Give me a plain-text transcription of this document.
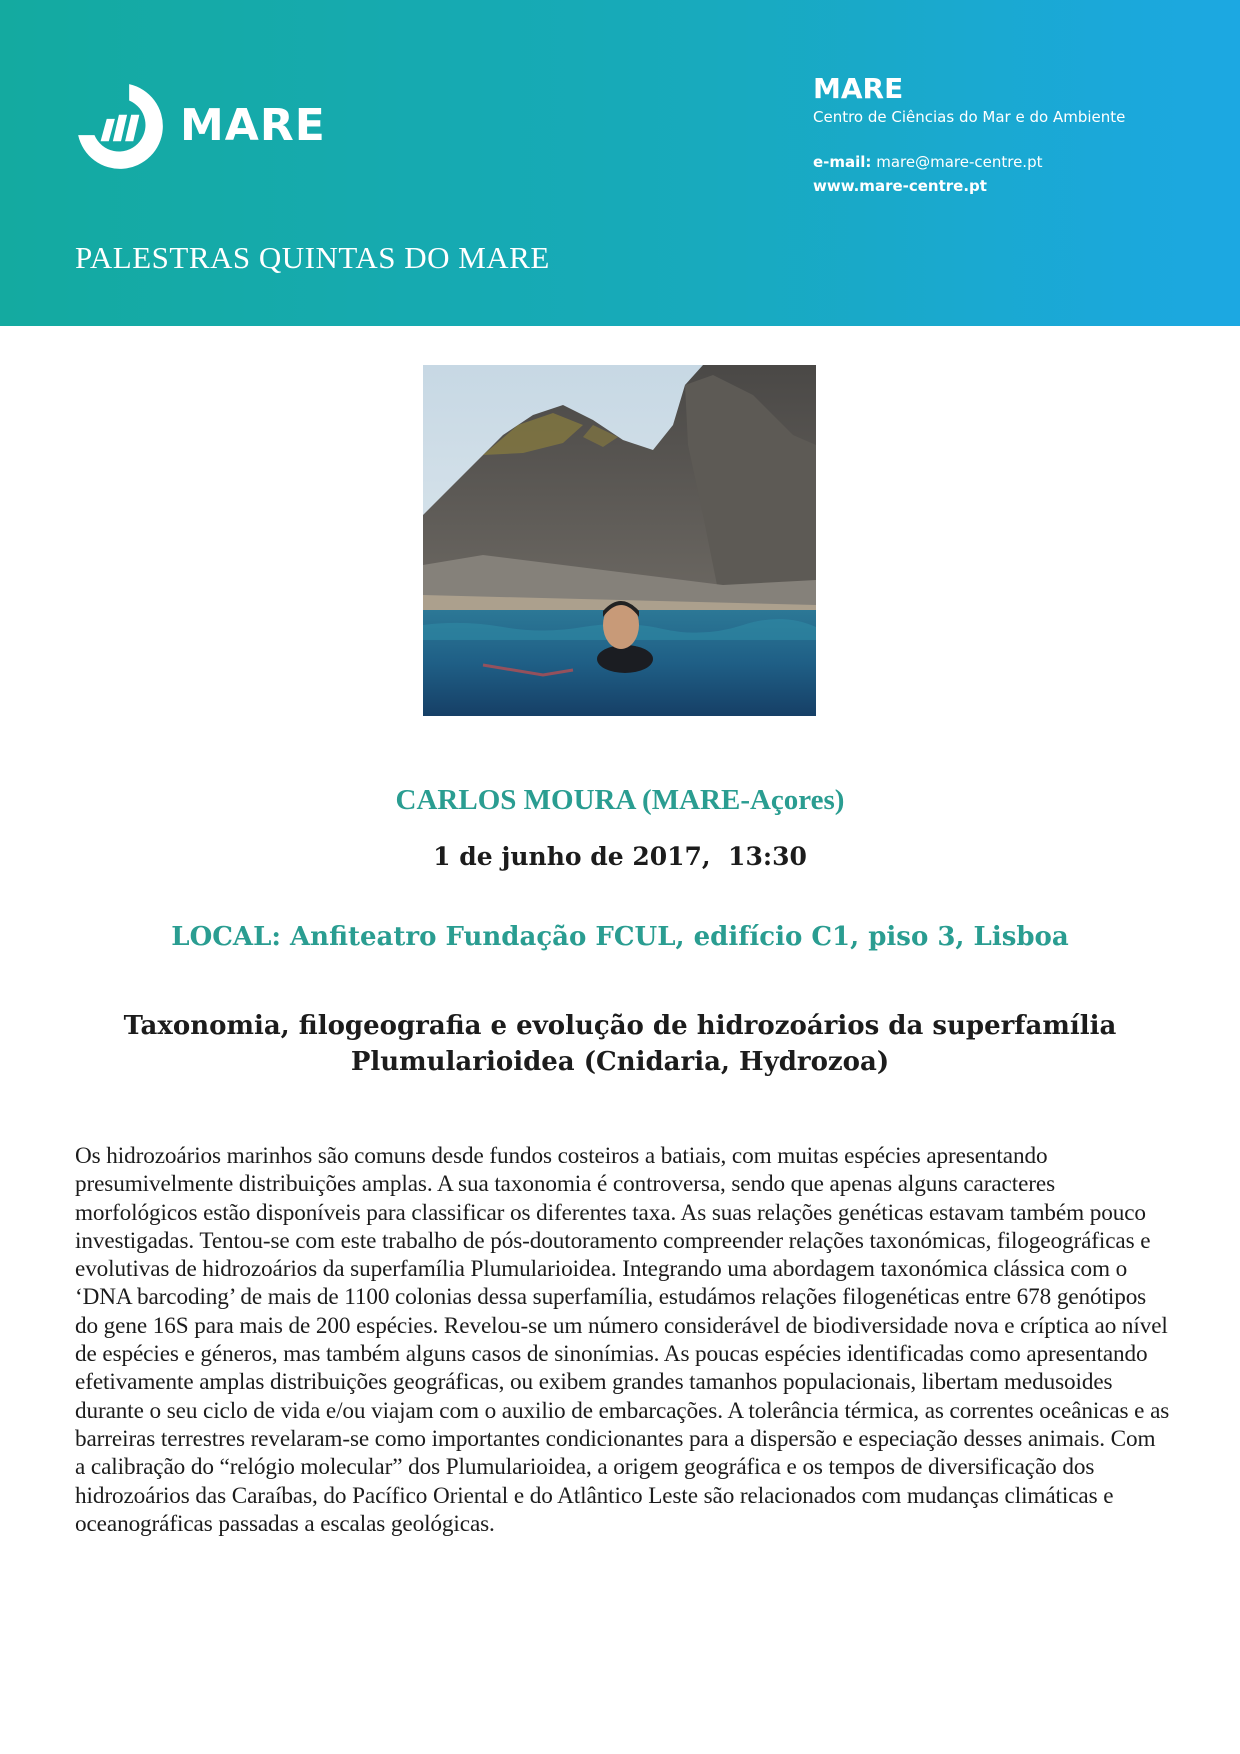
MARE
PALESTRAS QUINTAS DO MARE
MARE
Centro de Ciências do Mar e do Ambiente
e-mail: mare@mare-centre.pt
www.mare-centre.pt
CARLOS MOURA (MARE-Açores)

1 de junho de 2017,  13:30

LOCAL: Anfiteatro Fundação FCUL, edifício C1, piso 3, Lisboa

Taxonomia, filogeografia e evolução de hidrozoários da superfamília
Plumularioidea (Cnidaria, Hydrozoa)

Os hidrozoários marinhos são comuns desde fundos costeiros a batiais, com muitas espécies apresentando presumivelmente distribuições amplas. A sua taxonomia é controversa, sendo que apenas alguns caracteres morfológicos estão disponíveis para classificar os diferentes taxa. As suas relações genéticas estavam também pouco investigadas. Tentou-se com este trabalho de pós-doutoramento compreender relações taxonómicas, filogeográficas e evolutivas de hidrozoários da superfamília Plumularioidea. Integrando uma abordagem taxonómica clássica com o ‘DNA barcoding’ de mais de 1100 colonias dessa superfamília, estudámos relações filogenéticas entre 678 genótipos do gene 16S para mais de 200 espécies. Revelou-se um número considerável de biodiversidade nova e críptica ao nível de espécies e géneros, mas também alguns casos de sinonímias. As poucas espécies identificadas como apresentando efetivamente amplas distribuições geográficas, ou exibem grandes tamanhos populacionais, libertam medusoides durante o seu ciclo de vida e/ou viajam com o auxilio de embarcações. A tolerância térmica, as correntes oceânicas e as barreiras terrestres revelaram-se como importantes condicionantes para a dispersão e especiação desses animais. Com a calibração do “relógio molecular” dos Plumularioidea, a origem geográfica e os tempos de diversificação dos hidrozoários das Caraíbas, do Pacífico Oriental e do Atlântico Leste são relacionados com mudanças climáticas e oceanográficas passadas a escalas geológicas.
